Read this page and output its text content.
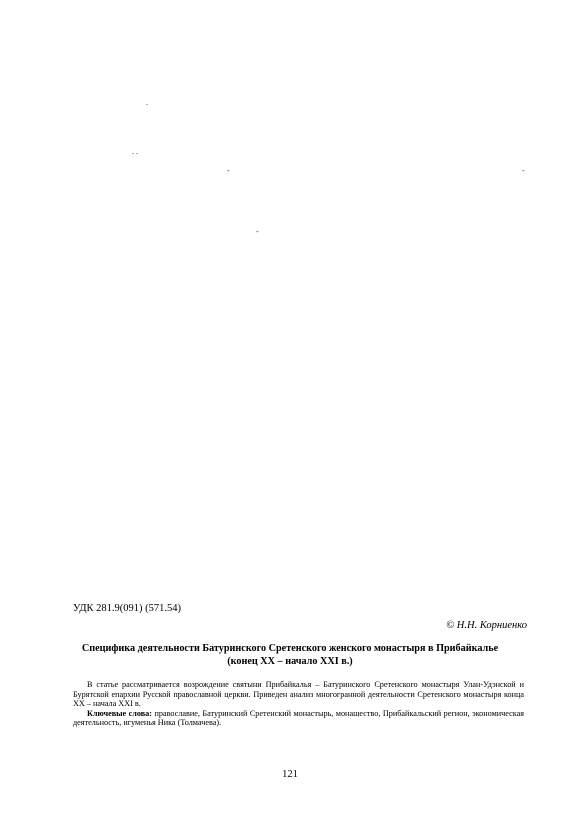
.
. .
-	-
-
УДК 281.9(091) (571.54)
© Н.Н. Корниенко
Специфика деятельности Батуринского Сретенского женского монастыря в Прибайкалье
(конец ХХ – начало ХХI в.)

В статье рассматривается возрождение святыни Прибайкалья – Батуринского Сретенского монастыря Улан-Удэнской и Бурятской епархии Русской православной церкви. Приведен анализ многогранной деятельности Сретенского монастыря конца ХХ – начала XXI в.

Ключевые слова: православие, Батуринский Сретенский монастырь, монашество, Прибайкальский регион, экономическая деятельность, игуменья Ника (Толмачева).

121
